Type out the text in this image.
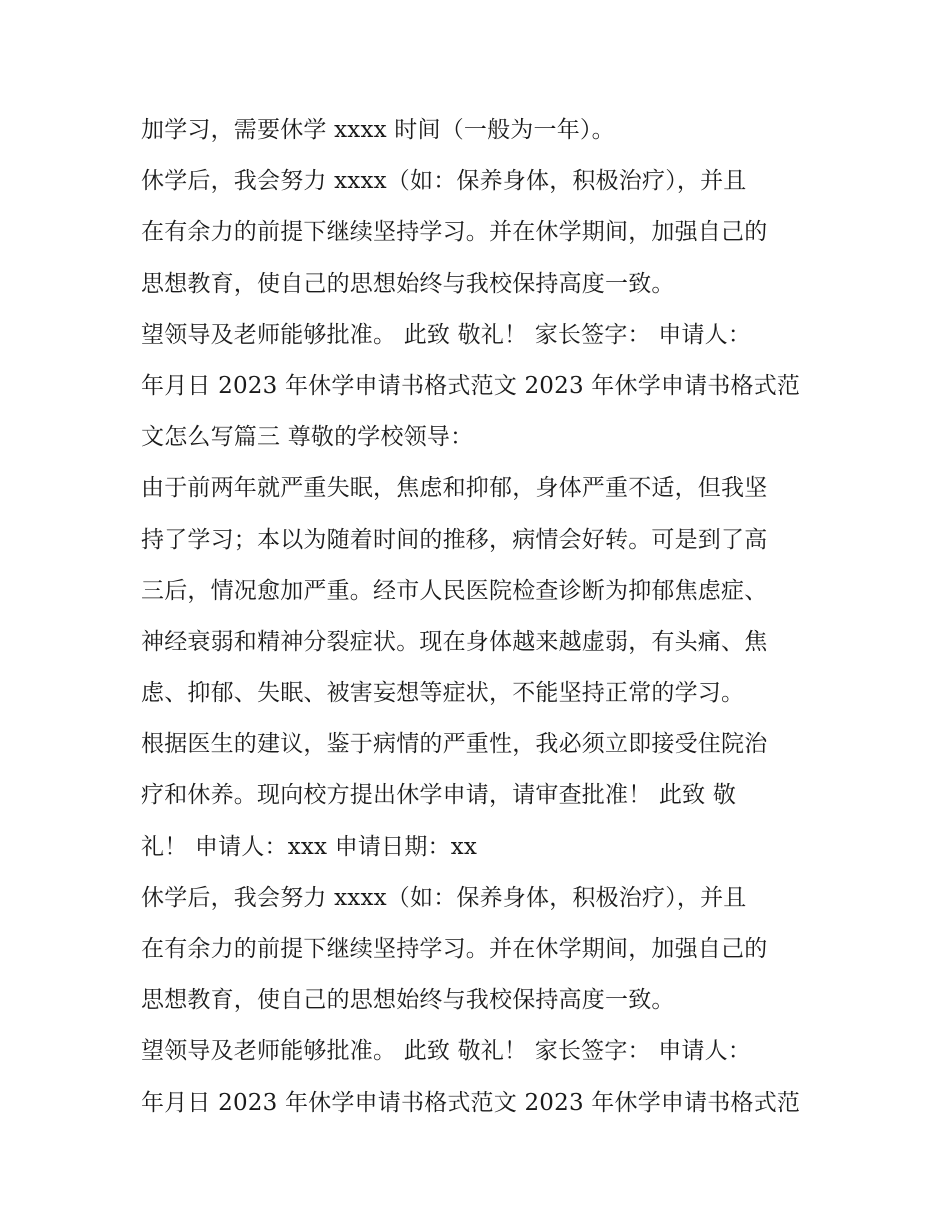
加学习，需要休学 xxxx 时间（一般为一年）。
休学后，我会努力 xxxx（如：保养身体，积极治疗），并且
在有余力的前提下继续坚持学习。并在休学期间，加强自己的
思想教育，使自己的思想始终与我校保持高度一致。
望领导及老师能够批准。 此致 敬礼！ 家长签字： 申请人：
年月日 2023 年休学申请书格式范文 2023 年休学申请书格式范
文怎么写篇三 尊敬的学校领导：
由于前两年就严重失眠，焦虑和抑郁，身体严重不适，但我坚
持了学习；本以为随着时间的推移，病情会好转。可是到了高
三后，情况愈加严重。经市人民医院检查诊断为抑郁焦虑症、
神经衰弱和精神分裂症状。现在身体越来越虚弱，有头痛、焦
虑、抑郁、失眠、被害妄想等症状，不能坚持正常的学习。
根据医生的建议，鉴于病情的严重性，我必须立即接受住院治
疗和休养。现向校方提出休学申请，请审查批准！ 此致 敬
礼！ 申请人：xxx 申请日期：xx
休学后，我会努力 xxxx（如：保养身体，积极治疗），并且
在有余力的前提下继续坚持学习。并在休学期间，加强自己的
思想教育，使自己的思想始终与我校保持高度一致。
望领导及老师能够批准。 此致 敬礼！ 家长签字： 申请人：
年月日 2023 年休学申请书格式范文 2023 年休学申请书格式范
